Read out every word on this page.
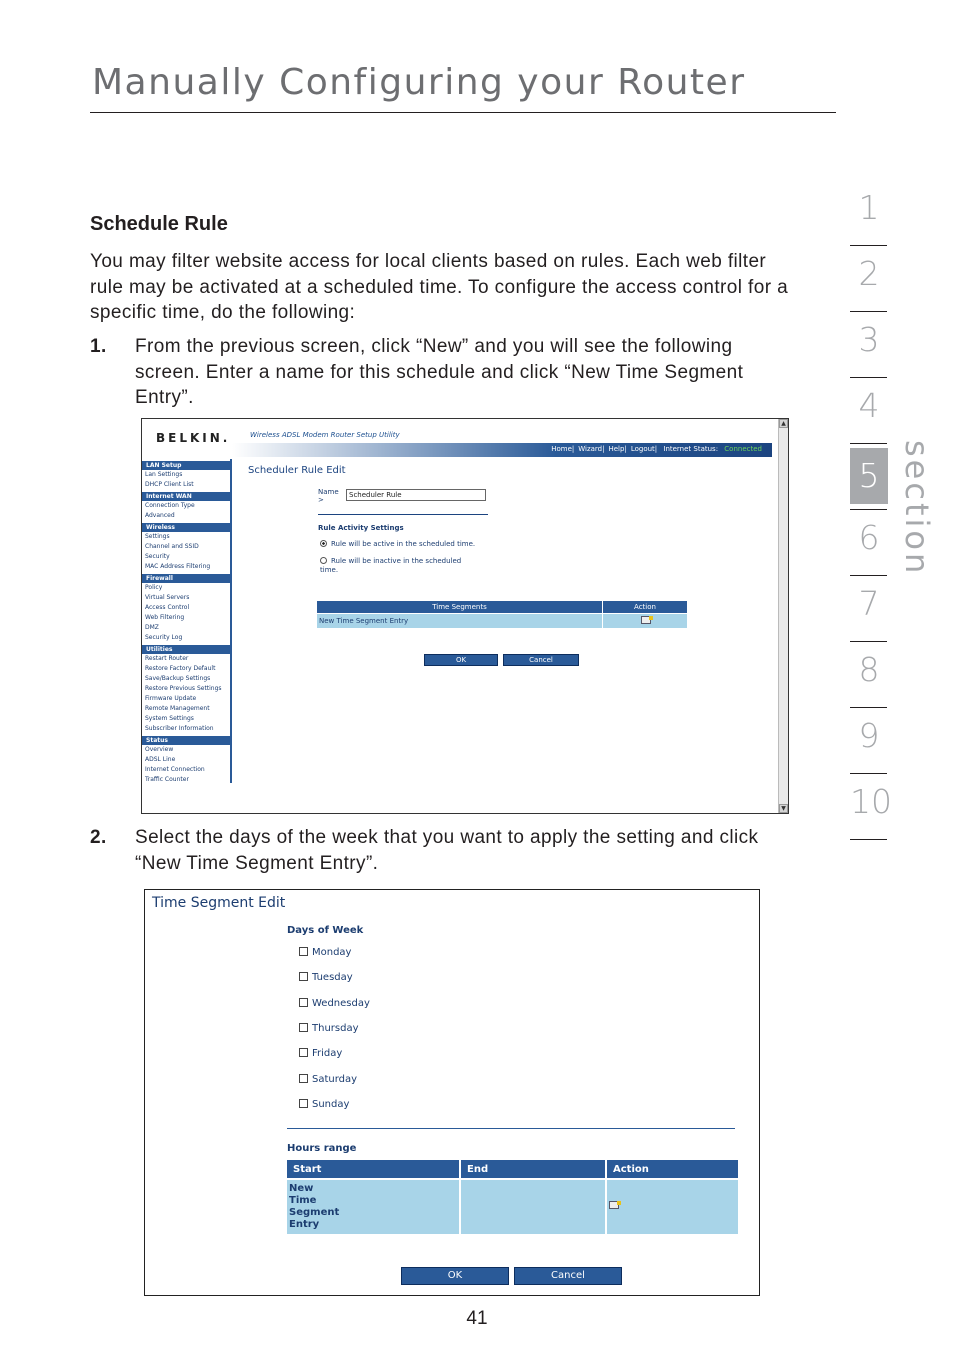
Manually Configuring your Router
1
2
3
4
5
6
7
8
9
10
section
Schedule Rule
You may filter website access for local clients based on rules. Each web filter rule may be activated at a scheduled time. To configure the access control for a specific time, do the following:
1. From the previous screen, click “New” and you will see the following screen. Enter a name for this schedule and click “New Time Segment Entry”.
BELKIN.	Wireless ADSL Modem Router Setup Utility
Home| Wizard| Help| Logout| Internet Status: Connected
LAN Setup
Lan Settings
DHCP Client List
Internet WAN
Connection Type
Advanced
Wireless
Settings
Channel and SSID
Security
MAC Address Filtering
Firewall
Policy
Virtual Servers
Access Control
Web Filtering
DMZ
Security Log
Utilities
Restart Router
Restore Factory Default
Save/Backup Settings
Restore Previous Settings
Firmware Update
Remote Management
System Settings
Subscriber Information
Status
Overview
ADSL Line
Internet Connection
Traffic Counter
Scheduler Rule Edit
Name
>
Scheduler Rule
Rule Activity Settings
Rule will be active in the scheduled time.
Rule will be inactive in the scheduled time.
Time Segments	Action
New Time Segment Entry	
OK	Cancel
▲
▼
2. Select the days of the week that you want to apply the setting and click “New Time Segment Entry”.
Time Segment Edit
Days of Week
Monday
Tuesday
Wednesday
Thursday
Friday
Saturday
Sunday
Hours range
Start	End	Action
New
Time
Segment
Entry		
OK	Cancel
41
